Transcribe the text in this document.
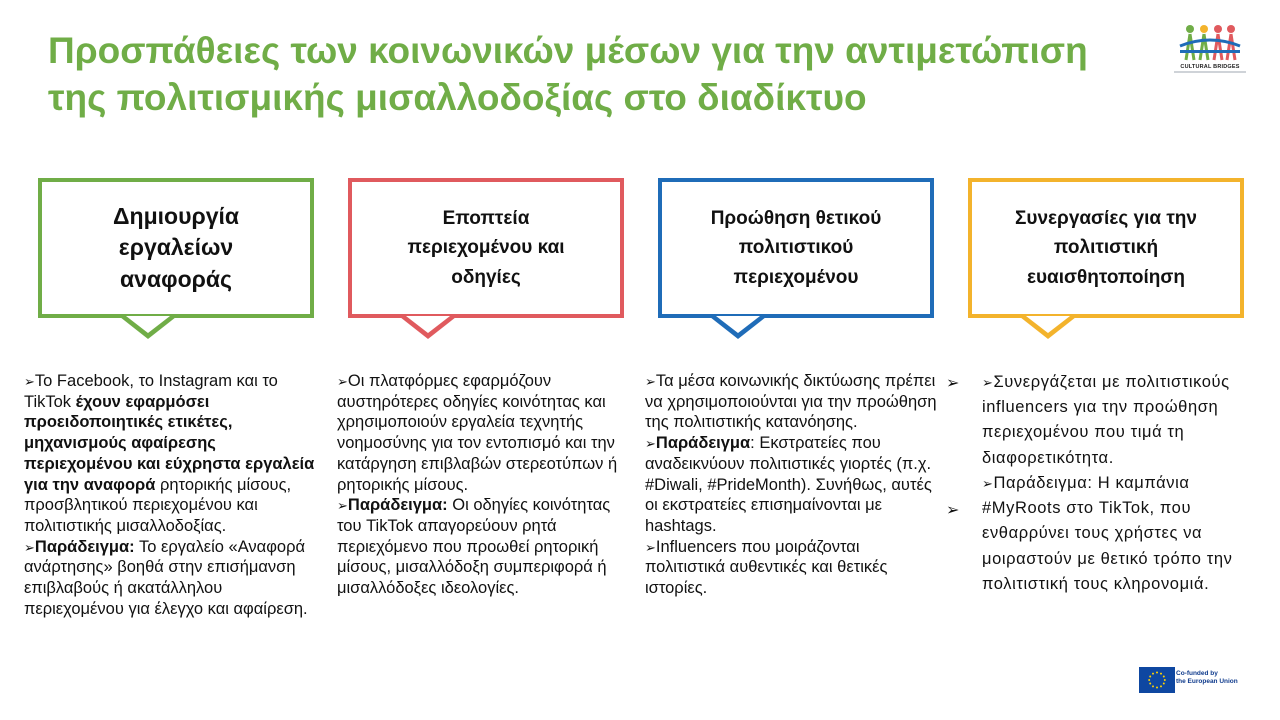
Προσπάθειες των κοινωνικών μέσων για την αντιμετώπιση της πολιτισμικής μισαλλοδοξίας στο διαδίκτυο
CULTURAL BRIDGES
Δημιουργία εργαλείων αναφοράς
Εποπτεία περιεχομένου και οδηγίες
Προώθηση θετικού πολιτιστικού περιεχομένου
Συνεργασίες για την πολιτιστική ευαισθητοποίηση

➢Το Facebook, το Instagram και το TikTok έχουν εφαρμόσει προειδοποιητικές ετικέτες, μηχανισμούς αφαίρεσης περιεχομένου και εύχρηστα εργαλεία για την αναφορά ρητορικής μίσους, προσβλητικού περιεχομένου και πολιτιστικής μισαλλοδοξίας.

➢Παράδειγμα: Το εργαλείο «Αναφορά ανάρτησης» βοηθά στην επισήμανση επιβλαβούς ή ακατάλληλου περιεχομένου για έλεγχο και αφαίρεση.

➢Οι πλατφόρμες εφαρμόζουν αυστηρότερες οδηγίες κοινότητας και χρησιμοποιούν εργαλεία τεχνητής νοημοσύνης για τον εντοπισμό και την κατάργηση επιβλαβών στερεοτύπων ή ρητορικής μίσους.

➢Παράδειγμα: Οι οδηγίες κοινότητας του TikTok απαγορεύουν ρητά περιεχόμενο που προωθεί ρητορική μίσους, μισαλλόδοξη συμπεριφορά ή μισαλλόδοξες ιδεολογίες.

➢Τα μέσα κοινωνικής δικτύωσης πρέπει να χρησιμοποιούνται για την προώθηση της πολιτιστικής κατανόησης.

➢Παράδειγμα: Εκστρατείες που αναδεικνύουν πολιτιστικές γιορτές (π.χ. #Diwali, #PrideMonth). Συνήθως, αυτές οι εκστρατείες επισημαίνονται με hashtags.

➢Influencers που μοιράζονται πολιτιστικά αυθεντικές και θετικές ιστορίες.

➢
➢

➢Συνεργάζεται με πολιτιστικούς influencers για την προώθηση περιεχομένου που τιμά τη διαφορετικότητα.

➢Παράδειγμα: Η καμπάνια #MyRoots στο TikTok, που ενθαρρύνει τους χρήστες να μοιραστούν με θετικό τρόπο την πολιτιστική τους κληρονομιά.

Co-funded by
the European Union
